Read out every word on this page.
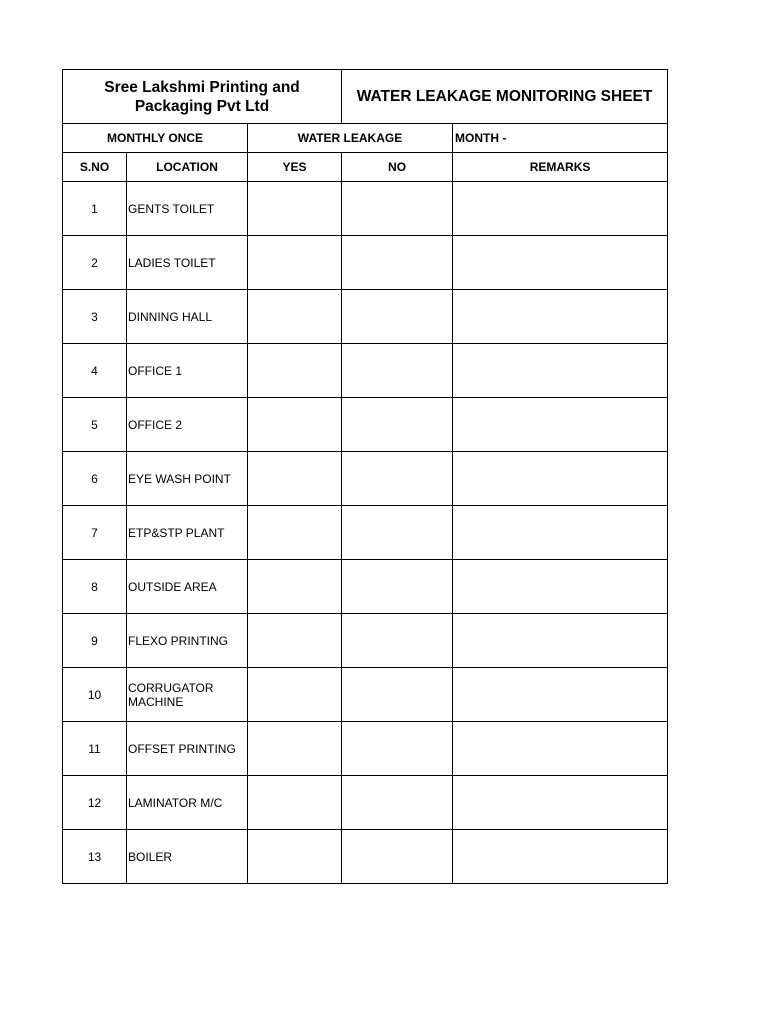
Sree Lakshmi Printing and Packaging Pvt Ltd			WATER LEAKAGE MONITORING SHEET	
MONTHLY ONCE		WATER LEAKAGE		MONTH -
S.NO	LOCATION	YES	NO	REMARKS
1	GENTS TOILET			
2	LADIES TOILET			
3	DINNING HALL			
4	OFFICE 1			
5	OFFICE 2			
6	EYE WASH POINT			
7	ETP&STP PLANT			
8	OUTSIDE AREA			
9	FLEXO PRINTING			
10	CORRUGATOR MACHINE			
11	OFFSET PRINTING			
12	LAMINATOR M/C			
13	BOILER			
